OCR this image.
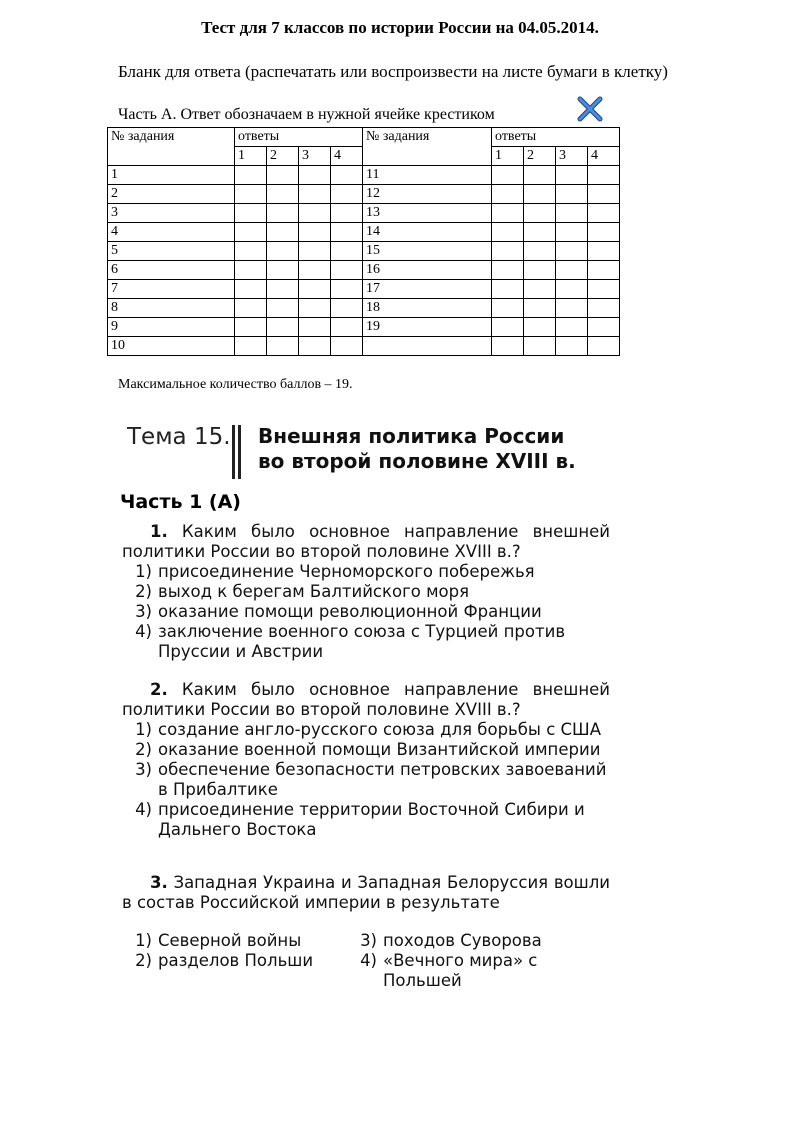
Тест для 7 классов по истории России на 04.05.2014.
Бланк для ответа (распечатать или воспроизвести на листе бумаги в клетку)
Часть А. Ответ обозначаем в нужной ячейке крестиком
№ задания	ответы				№ задания	ответы			
	1	2	3	4		1	2	3	4
1					11				
2					12				
3					13				
4					14				
5					15				
6					16				
7					17				
8					18				
9					19				
10									
Максимальное количество баллов – 19.
Тема 15. Внешняя политика России
во второй половине XVIII в.
Часть 1 (А)

1. Каким было основное направление внешней политики России во второй половине XVIII в.?

1) присоединение Черноморского побережья
2) выход к берегам Балтийского моря
3) оказание помощи революционной Франции
4) заключение военного союза с Турцией против Пруссии и Австрии

2. Каким было основное направление внешней политики России во второй половине XVIII в.?

1) создание англо-русского союза для борьбы с США
2) оказание военной помощи Византийской империи
3) обеспечение безопасности петровских завоеваний в Прибалтике
4) присоединение территории Восточной Сибири и Дальнего Востока

3. Западная Украина и Западная Белоруссия вошли в состав Российской империи в результате

1) Северной войны	3) походов Суворова
2) разделов Польши	4) «Вечного мира» с Польшей
